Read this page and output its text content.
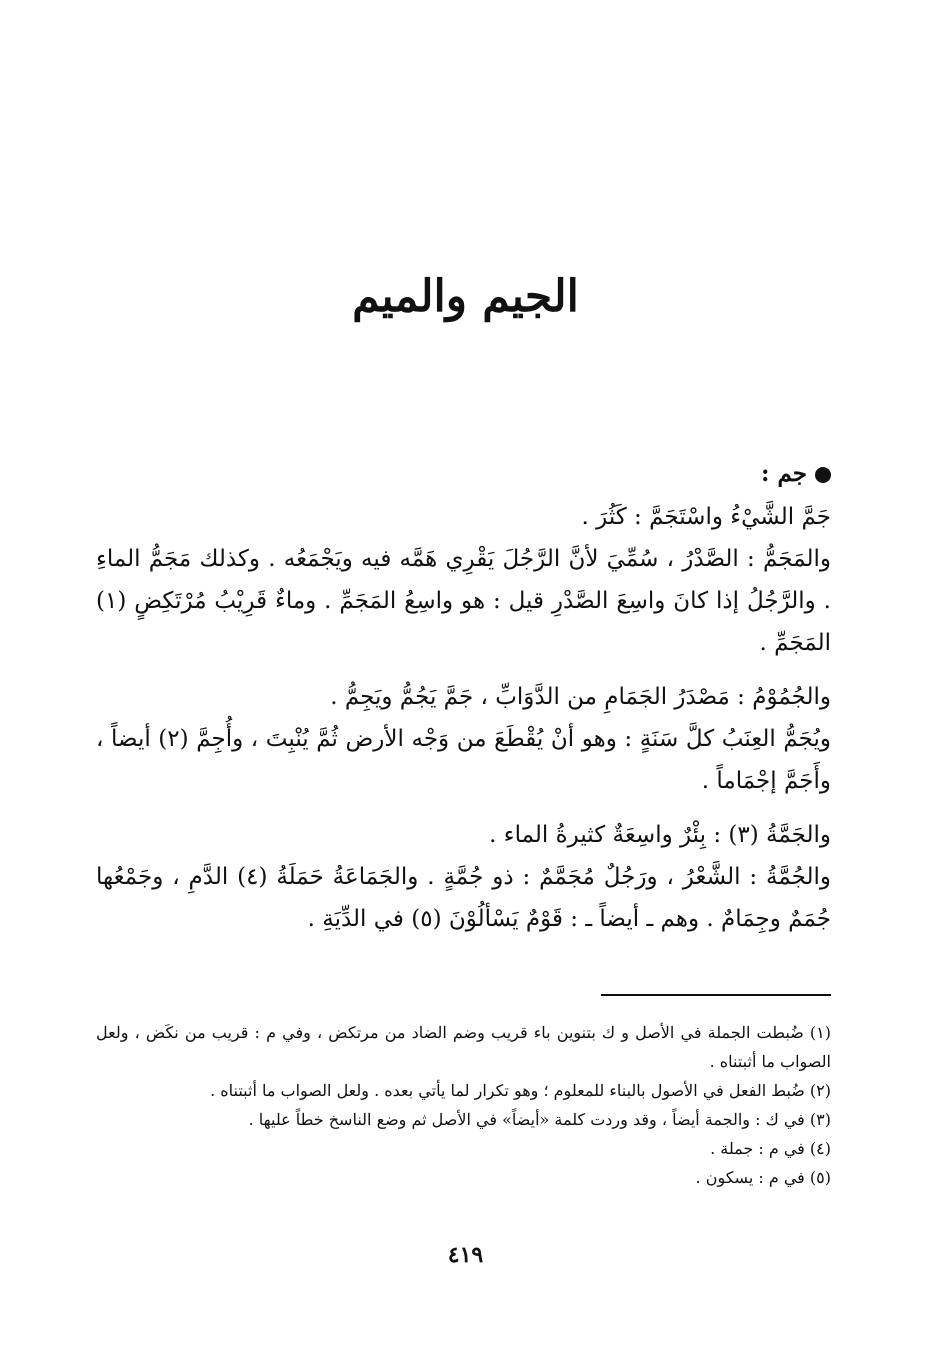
الجيم والميم

جم :

جَمَّ الشَّيْءُ واسْتَجَمَّ : كَثُرَ .

والمَجَمُّ : الصَّدْرُ ، سُمِّيَ لأنَّ الرَّجُلَ يَقْرِي هَمَّه فيه ويَجْمَعُه . وكذلك مَجَمُّ الماءِ . والرَّجُلُ إذا كانَ واسِعَ الصَّدْرِ قيل : هو واسِعُ المَجَمِّ . وماءٌ قَرِيْبُ مُرْتَكِضٍ (١) المَجَمِّ .

والجُمُوْمُ : مَصْدَرُ الجَمَامِ من الدَّوَابِّ ، جَمَّ يَجُمُّ ويَجِمُّ .

ويُجَمُّ العِنَبُ كلَّ سَنَةٍ : وهو أنْ يُقْطَعَ من وَجْه الأرض ثُمَّ يُنْبِتَ ، وأُجِمَّ (٢) أيضاً ، وأَجَمَّ إجْمَاماً .

والجَمَّةُ (٣) : بِئْرٌ واسِعَةٌ كثيرةُ الماء .

والجُمَّةُ : الشَّعْرُ ، ورَجُلٌ مُجَمَّمٌ : ذو جُمَّةٍ . والجَمَاعَةُ حَمَلَةُ (٤) الدَّمِ ، وجَمْعُها جُمَمٌ وجِمَامٌ . وهم ـ أيضاً ـ : قَوْمٌ يَسْألُوْنَ (٥) في الدِّيَةِ .

(١) ضُبطت الجملة في الأصل و ك بتنوين باء قريب وضم الضاد من مرتكض ، وفي م : قريب من نكَض ، ولعل الصواب ما أثبتناه .

(٢) ضُبط الفعل في الأصول بالبناء للمعلوم ؛ وهو تكرار لما يأتي بعده . ولعل الصواب ما أثبتناه .

(٣) في ك : والجمة أيضاً ، وقد وردت كلمة «أيضاً» في الأصل ثم وضع الناسخ خطاً عليها .

(٤) في م : جملة .

(٥) في م : يسكون .

٤١٩
